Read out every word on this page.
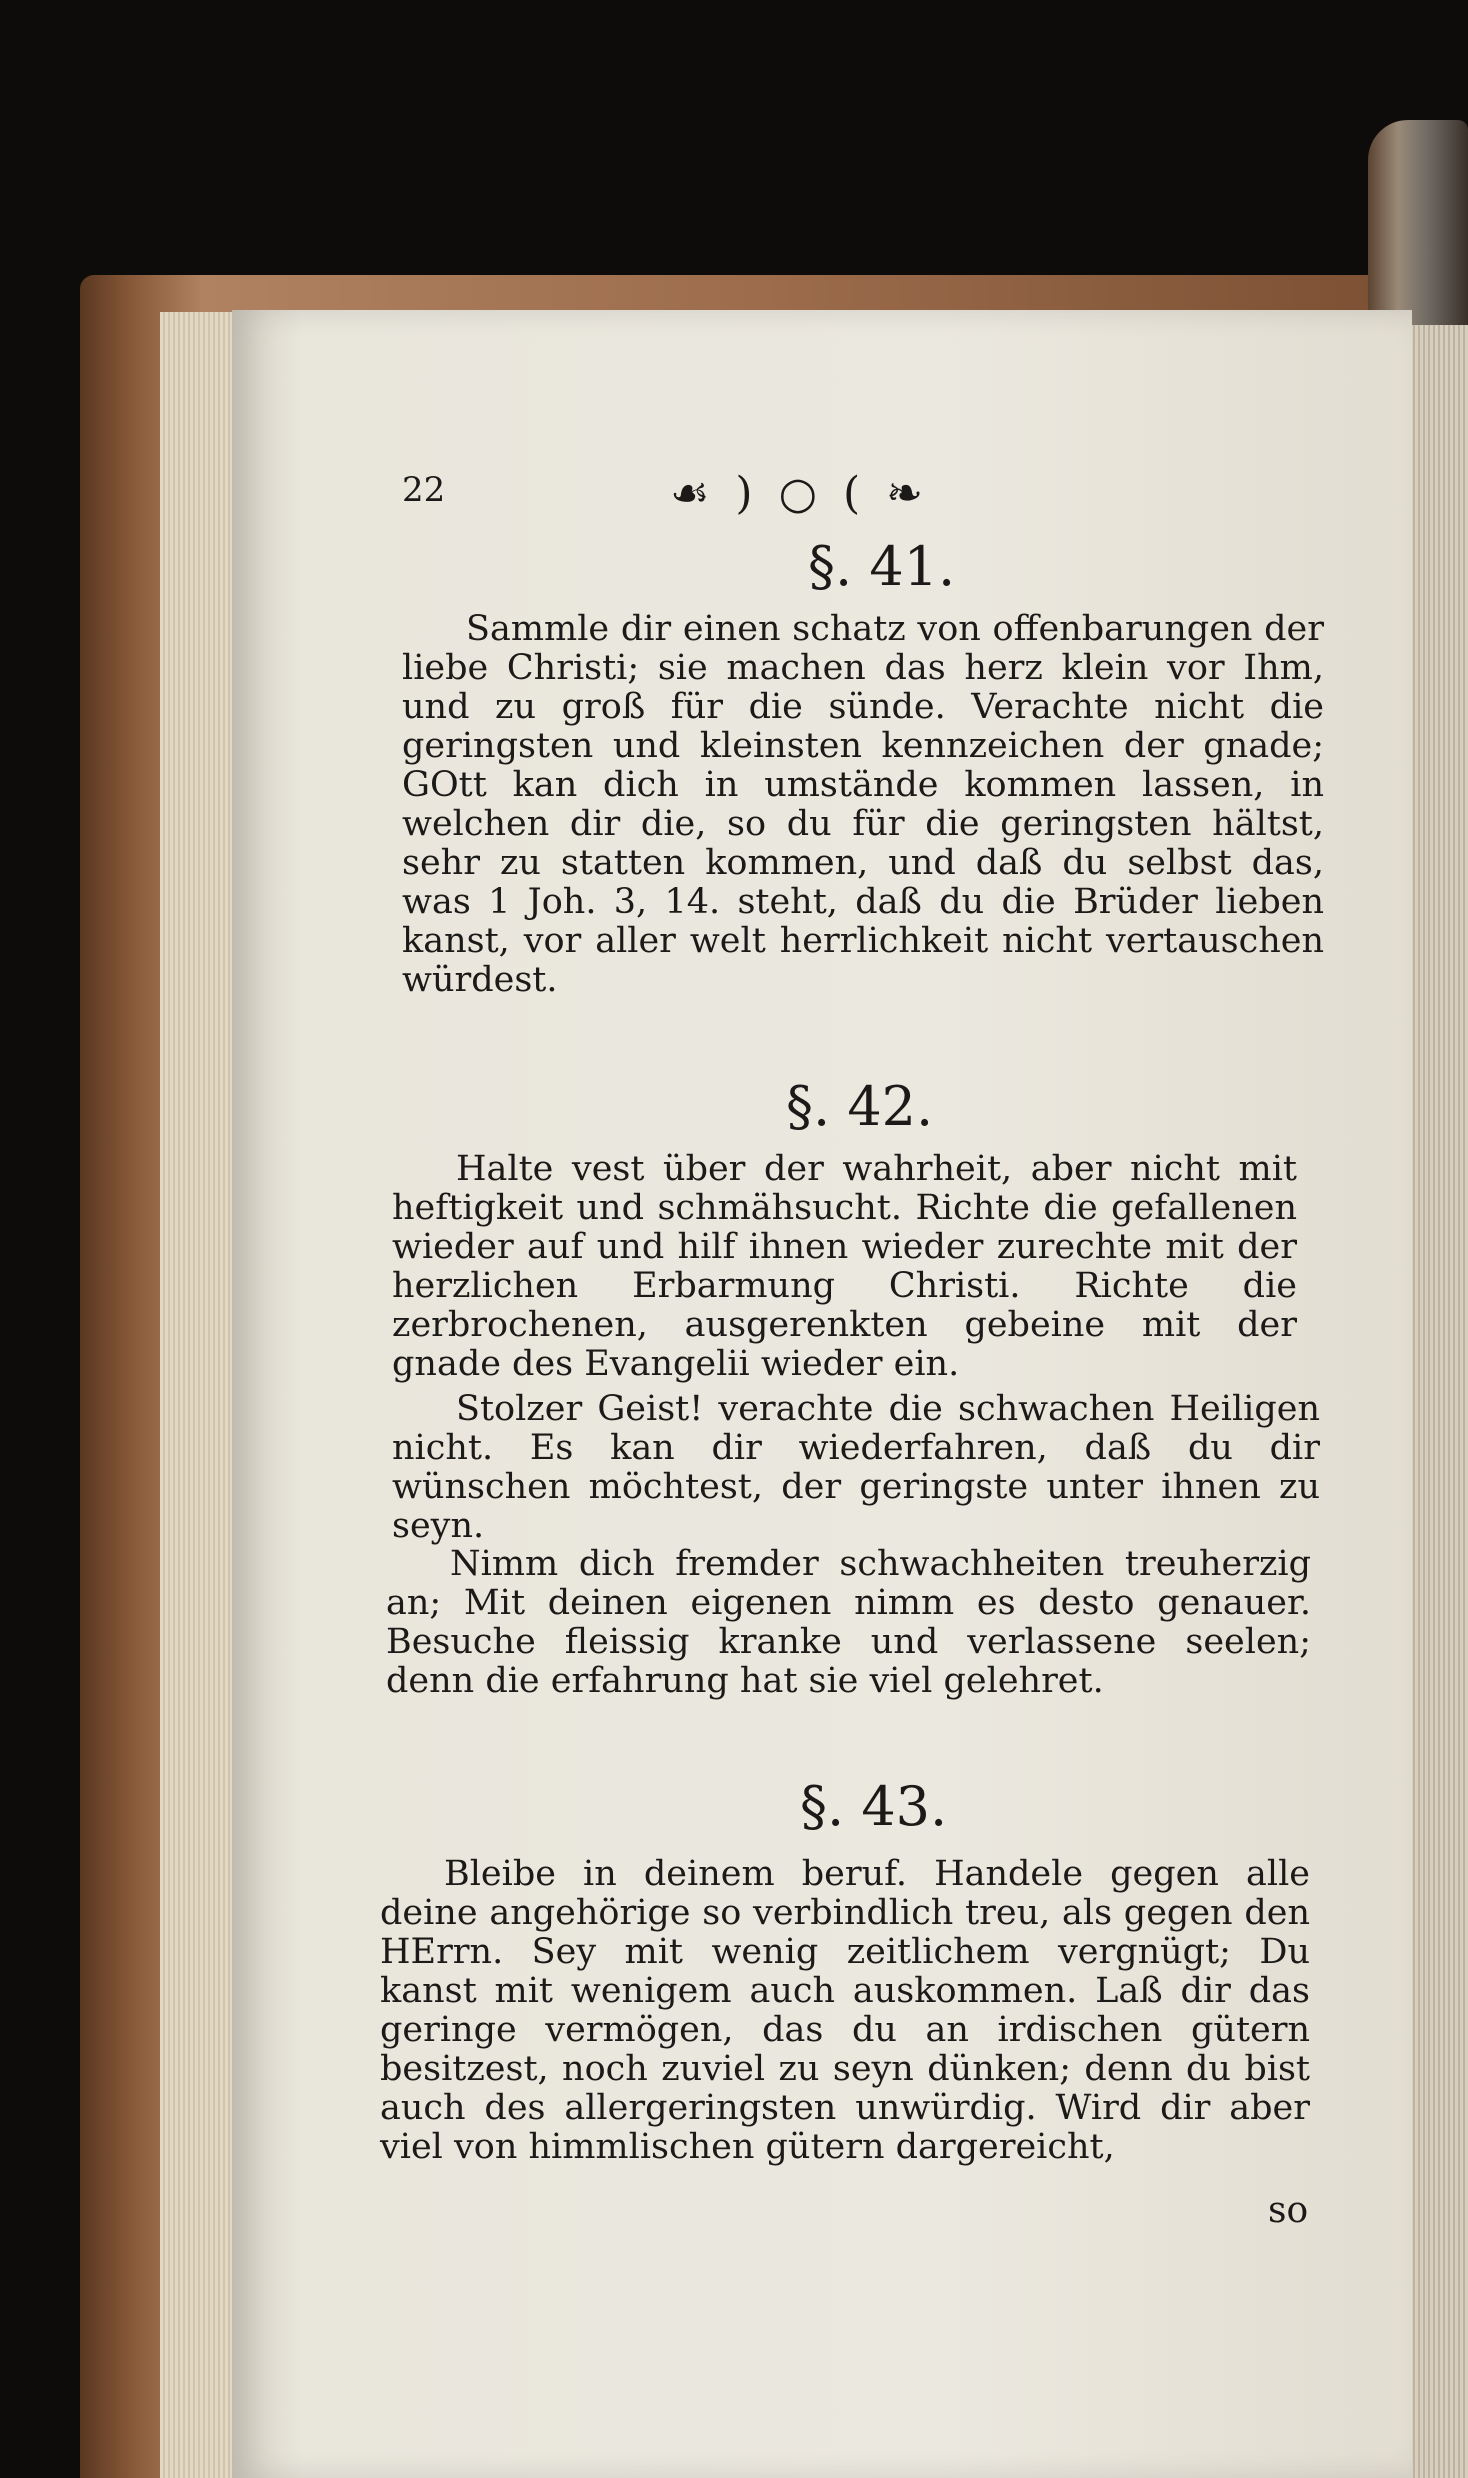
22	☙ ) ○ ( ❧

§. 41.

Sammle dir einen schatz von offenbarungen der liebe Christi; sie machen das herz klein vor Ihm, und zu groß für die sünde. Verachte nicht die geringsten und kleinsten kennzeichen der gnade; GOtt kan dich in umstände kommen lassen, in welchen dir die, so du für die geringsten hältst, sehr zu statten kommen, und daß du selbst das, was 1 Joh. 3, 14. steht, daß du die Brüder lieben kanst, vor aller welt herrlichkeit nicht vertauschen würdest.

§. 42.

Halte vest über der wahrheit, aber nicht mit heftigkeit und schmähsucht. Richte die gefallenen wieder auf und hilf ihnen wieder zurechte mit der herzlichen Erbarmung Christi. Richte die zerbrochenen, ausgerenkten gebeine mit der gnade des Evangelii wieder ein.

Stolzer Geist! verachte die schwachen Heiligen nicht. Es kan dir wiederfahren, daß du dir wünschen möchtest, der geringste unter ihnen zu seyn.

Nimm dich fremder schwachheiten treuherzig an; Mit deinen eigenen nimm es desto genauer. Besuche fleissig kranke und verlassene seelen; denn die erfahrung hat sie viel gelehret.

§. 43.

Bleibe in deinem beruf. Handele gegen alle deine angehörige so verbindlich treu, als gegen den HErrn. Sey mit wenig zeitlichem vergnügt; Du kanst mit wenigem auch auskommen. Laß dir das geringe vermögen, das du an irdischen gütern besitzest, noch zuviel zu seyn dünken; denn du bist auch des allergeringsten unwürdig. Wird dir aber viel von himmlischen gütern dargereicht,

so
